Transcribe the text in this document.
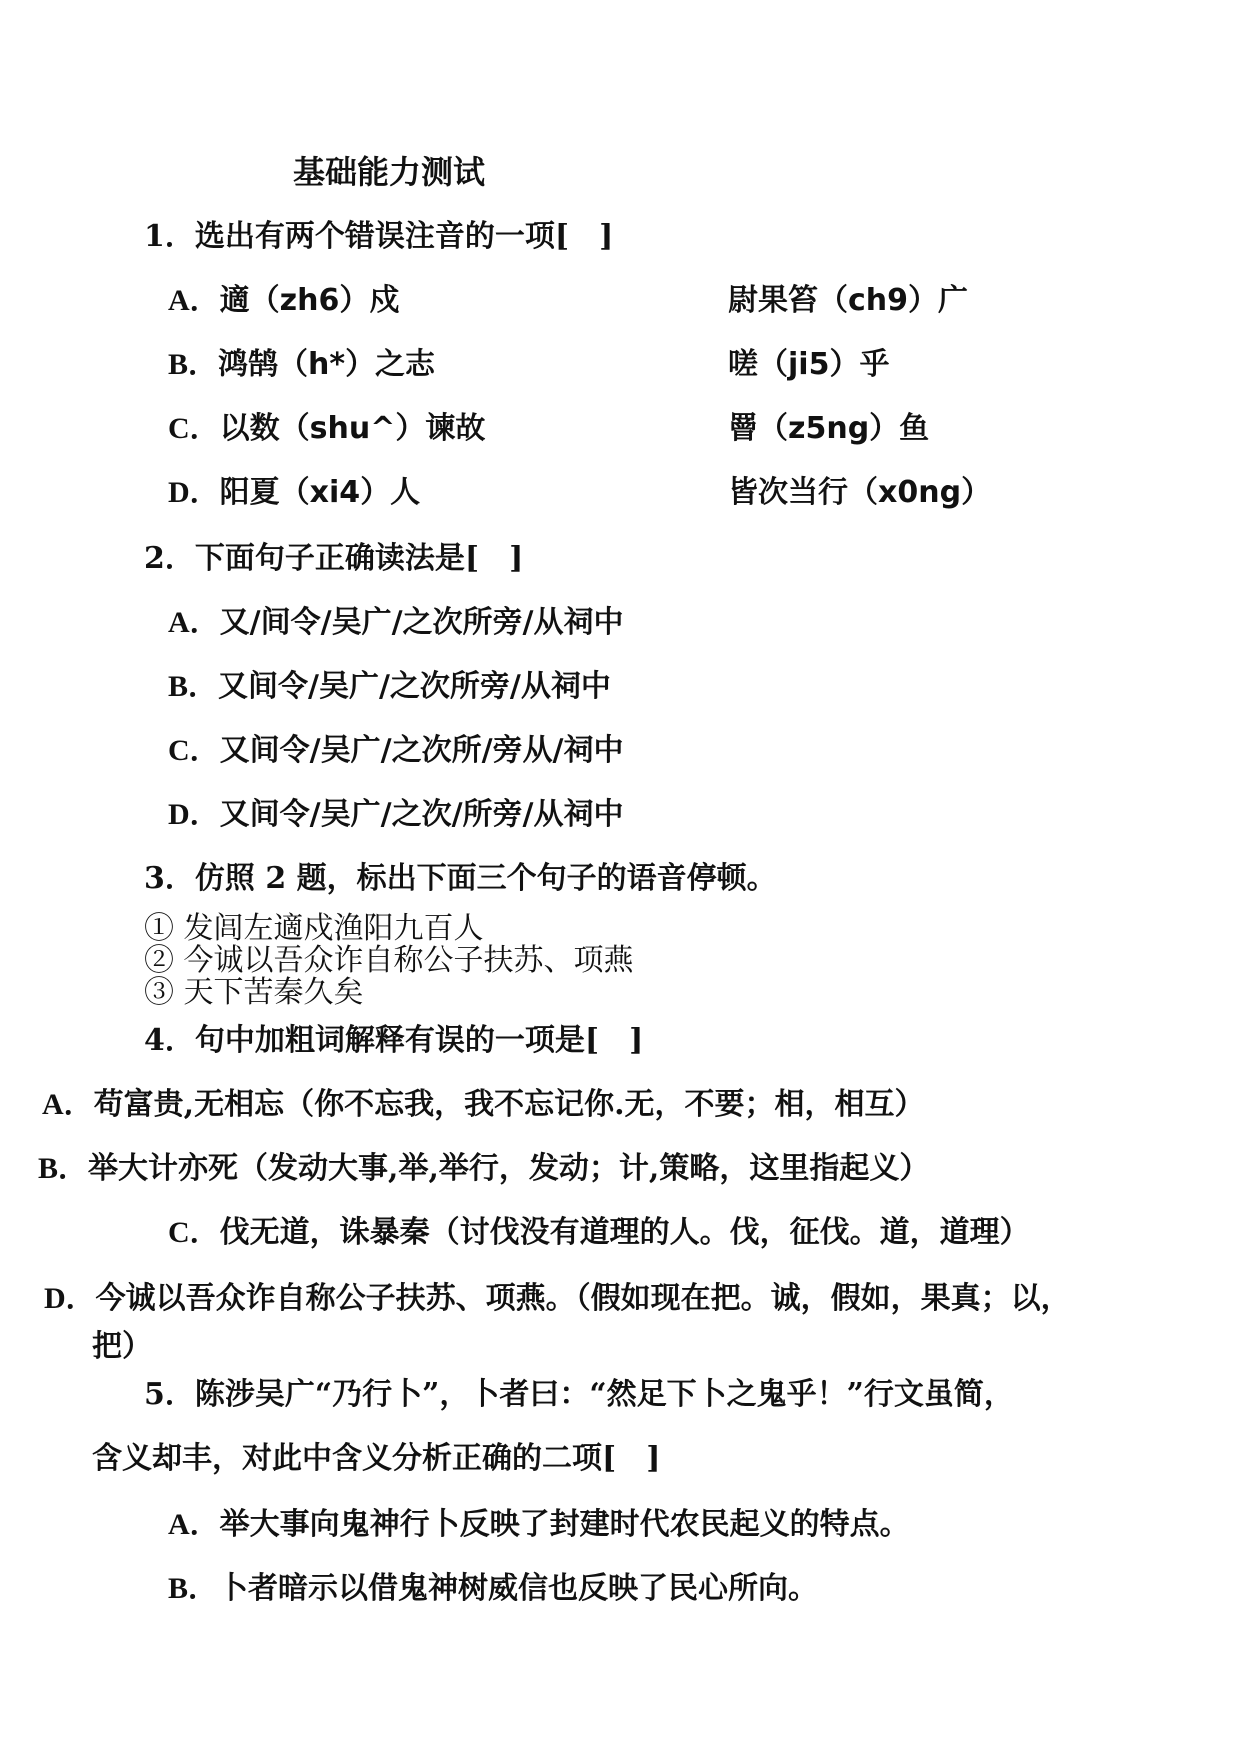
基础能力测试
1．选出有两个错误注音的一项[　]
A．適（zh6）戍	尉果笞（ch9）广
B．鸿鹄（h*）之志	嗟（ji5）乎
C．以数（shu^）谏故	罾（z5ng）鱼
D．阳夏（xi4）人	皆次当行（x0ng）
2．下面句子正确读法是[　]
A．又/间令/吴广/之次所旁/从祠中
B．又间令/吴广/之次所旁/从祠中
C．又间令/吴广/之次所/旁从/祠中
D．又间令/吴广/之次/所旁/从祠中
3．仿照 2 题，标出下面三个句子的语音停顿。
① 发闾左適戍渔阳九百人
② 今诚以吾众诈自称公子扶苏、项燕
③ 天下苦秦久矣
4．句中加粗词解释有误的一项是[　]
A．苟富贵,无相忘（你不忘我，我不忘记你.无，不要；相，相互）
B．举大计亦死（发动大事,举,举行，发动；计,策略，这里指起义）
C．伐无道，诛暴秦（讨伐没有道理的人。伐，征伐。道，道理）
D．今诚以吾众诈自称公子扶苏、项燕。（假如现在把。诚，假如，果真；以，
把）
5．陈涉吴广“乃行卜”，卜者曰：“然足下卜之鬼乎！”行文虽简，
含义却丰，对此中含义分析正确的二项[　]
A．举大事向鬼神行卜反映了封建时代农民起义的特点。
B．卜者暗示以借鬼神树威信也反映了民心所向。
